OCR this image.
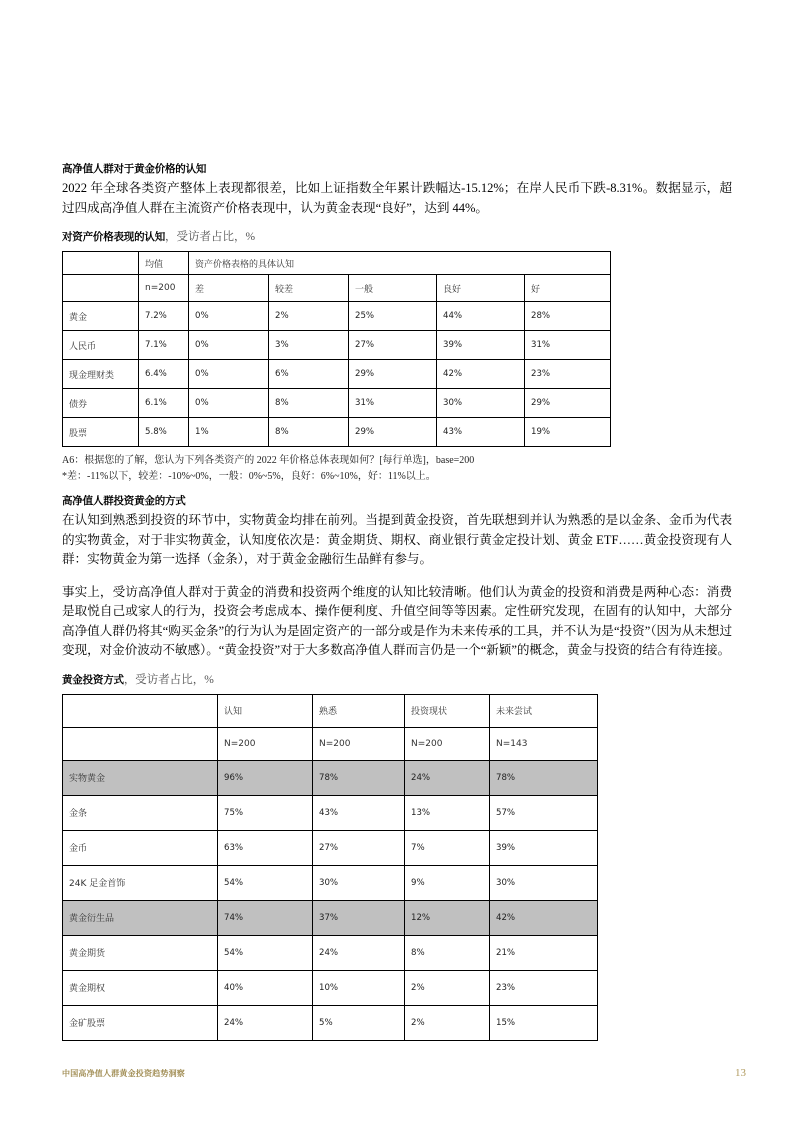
高净值人群对于黄金价格的认知

2022 年全球各类资产整体上表现都很差，比如上证指数全年累计跌幅达-15.12%；在岸人民币下跌-8.31%。数据显示，超过四成高净值人群在主流资产价格表现中，认为黄金表现“良好”，达到 44%。

对资产价格表现的认知，受访者占比，%
	均值	资产价格表格的具体认知				
	n=200	差	较差	一般	良好	好
黄金	7.2%	0%	2%	25%	44%	28%
人民币	7.1%	0%	3%	27%	39%	31%
现金理财类	6.4%	0%	6%	29%	42%	23%
债券	6.1%	0%	8%	31%	30%	29%
股票	5.8%	1%	8%	29%	43%	19%

A6：根据您的了解，您认为下列各类资产的 2022 年价格总体表现如何？[每行单选]，base=200

*差：-11%以下，较差：-10%~0%，一般：0%~5%，良好：6%~10%，好：11%以上。

高净值人群投资黄金的方式

在认知到熟悉到投资的环节中，实物黄金均排在前列。当提到黄金投资，首先联想到并认为熟悉的是以金条、金币为代表的实物黄金，对于非实物黄金，认知度依次是：黄金期货、期权、商业银行黄金定投计划、黄金 ETF……黄金投资现有人群：实物黄金为第一选择（金条），对于黄金金融衍生品鲜有参与。

事实上，受访高净值人群对于黄金的消费和投资两个维度的认知比较清晰。他们认为黄金的投资和消费是两种心态：消费是取悦自己或家人的行为，投资会考虑成本、操作便利度、升值空间等等因素。定性研究发现，在固有的认知中，大部分高净值人群仍将其“购买金条”的行为认为是固定资产的一部分或是作为未来传承的工具，并不认为是“投资”（因为从未想过变现，对金价波动不敏感）。“黄金投资”对于大多数高净值人群而言仍是一个“新颖”的概念，黄金与投资的结合有待连接。

黄金投资方式，受访者占比，%
	认知	熟悉	投资现状	未来尝试
	N=200	N=200	N=200	N=143
实物黄金	96%	78%	24%	78%
金条	75%	43%	13%	57%
金币	63%	27%	7%	39%
24K 足金首饰	54%	30%	9%	30%
黄金衍生品	74%	37%	12%	42%
黄金期货	54%	24%	8%	21%
黄金期权	40%	10%	2%	23%
金矿股票	24%	5%	2%	15%
中国高净值人群黄金投资趋势洞察	13
